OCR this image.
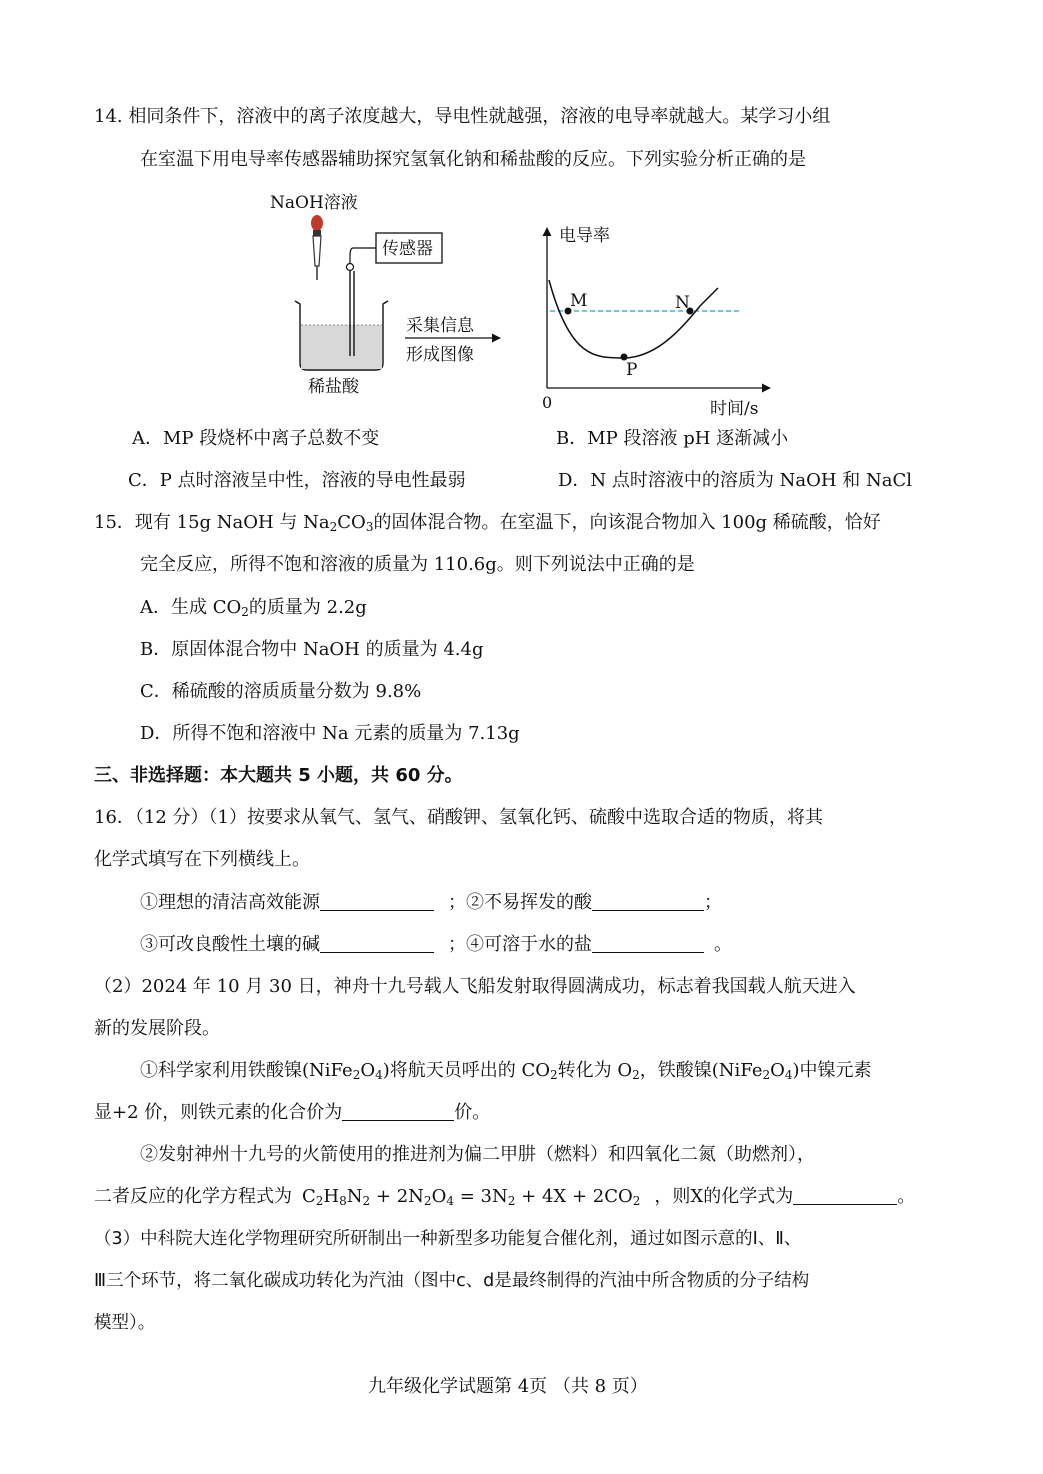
14. 相同条件下，溶液中的离子浓度越大，导电性就越强，溶液的电导率就越大。某学习小组
在室温下用电导率传感器辅助探究氢氧化钠和稀盐酸的反应。下列实验分析正确的是
NaOH溶液
传感器
稀盐酸
采集信息
形成图像
电导率
时间/s
0
M	N
P
A．MP 段烧杯中离子总数不变	B．MP 段溶液 pH 逐渐减小
C．P 点时溶液呈中性，溶液的导电性最弱	D．N 点时溶液中的溶质为 NaOH 和 NaCl
15．现有 15g NaOH 与 $Na_2CO_3$的固体混合物。在室温下，向该混合物加入 100g 稀硫酸，恰好
完全反应，所得不饱和溶液的质量为 110.6g。则下列说法中正确的是
A．生成 $CO_2$的质量为 2.2g
B．原固体混合物中 NaOH 的质量为 4.4g
C．稀硫酸的溶质质量分数为 9.8%
D．所得不饱和溶液中 Na 元素的质量为 7.13g
三、非选择题：本大题共 5 小题，共 60 分。
16．（12 分）（1）按要求从氧气、氢气、硝酸钾、氢氧化钙、硫酸中选取合适的物质，将其
化学式填写在下列横线上。
①理想的清洁高效能源	；②不易挥发的酸	；
③可改良酸性土壤的碱	；④可溶于水的盐	。
（2）2024 年 10 月 30 日，神舟十九号载人飞船发射取得圆满成功，标志着我国载人航天进入
新的发展阶段。
①科学家利用铁酸镍$(NiFe_2O_4)$将航天员呼出的 $CO_2$转化为 $O_2$，铁酸镍$(NiFe_2O_4)$中镍元素
显+2 价，则铁元素的化合价为	价。
②发射神州十九号的火箭使用的推进剂为偏二甲肼（燃料）和四氧化二氮（助燃剂），
二者反应的化学方程式为 $C_2H_8N_2 + 2N_2O_4 = 3N_2 + 4X + 2CO_2$ ，则X的化学式为	。
（3）中科院大连化学物理研究所研制出一种新型多功能复合催化剂，通过如图示意的Ⅰ、Ⅱ、
Ⅲ三个环节，将二氧化碳成功转化为汽油（图中c、d是最终制得的汽油中所含物质的分子结构
模型）。
九年级化学试题第 4页 （共 8 页）
